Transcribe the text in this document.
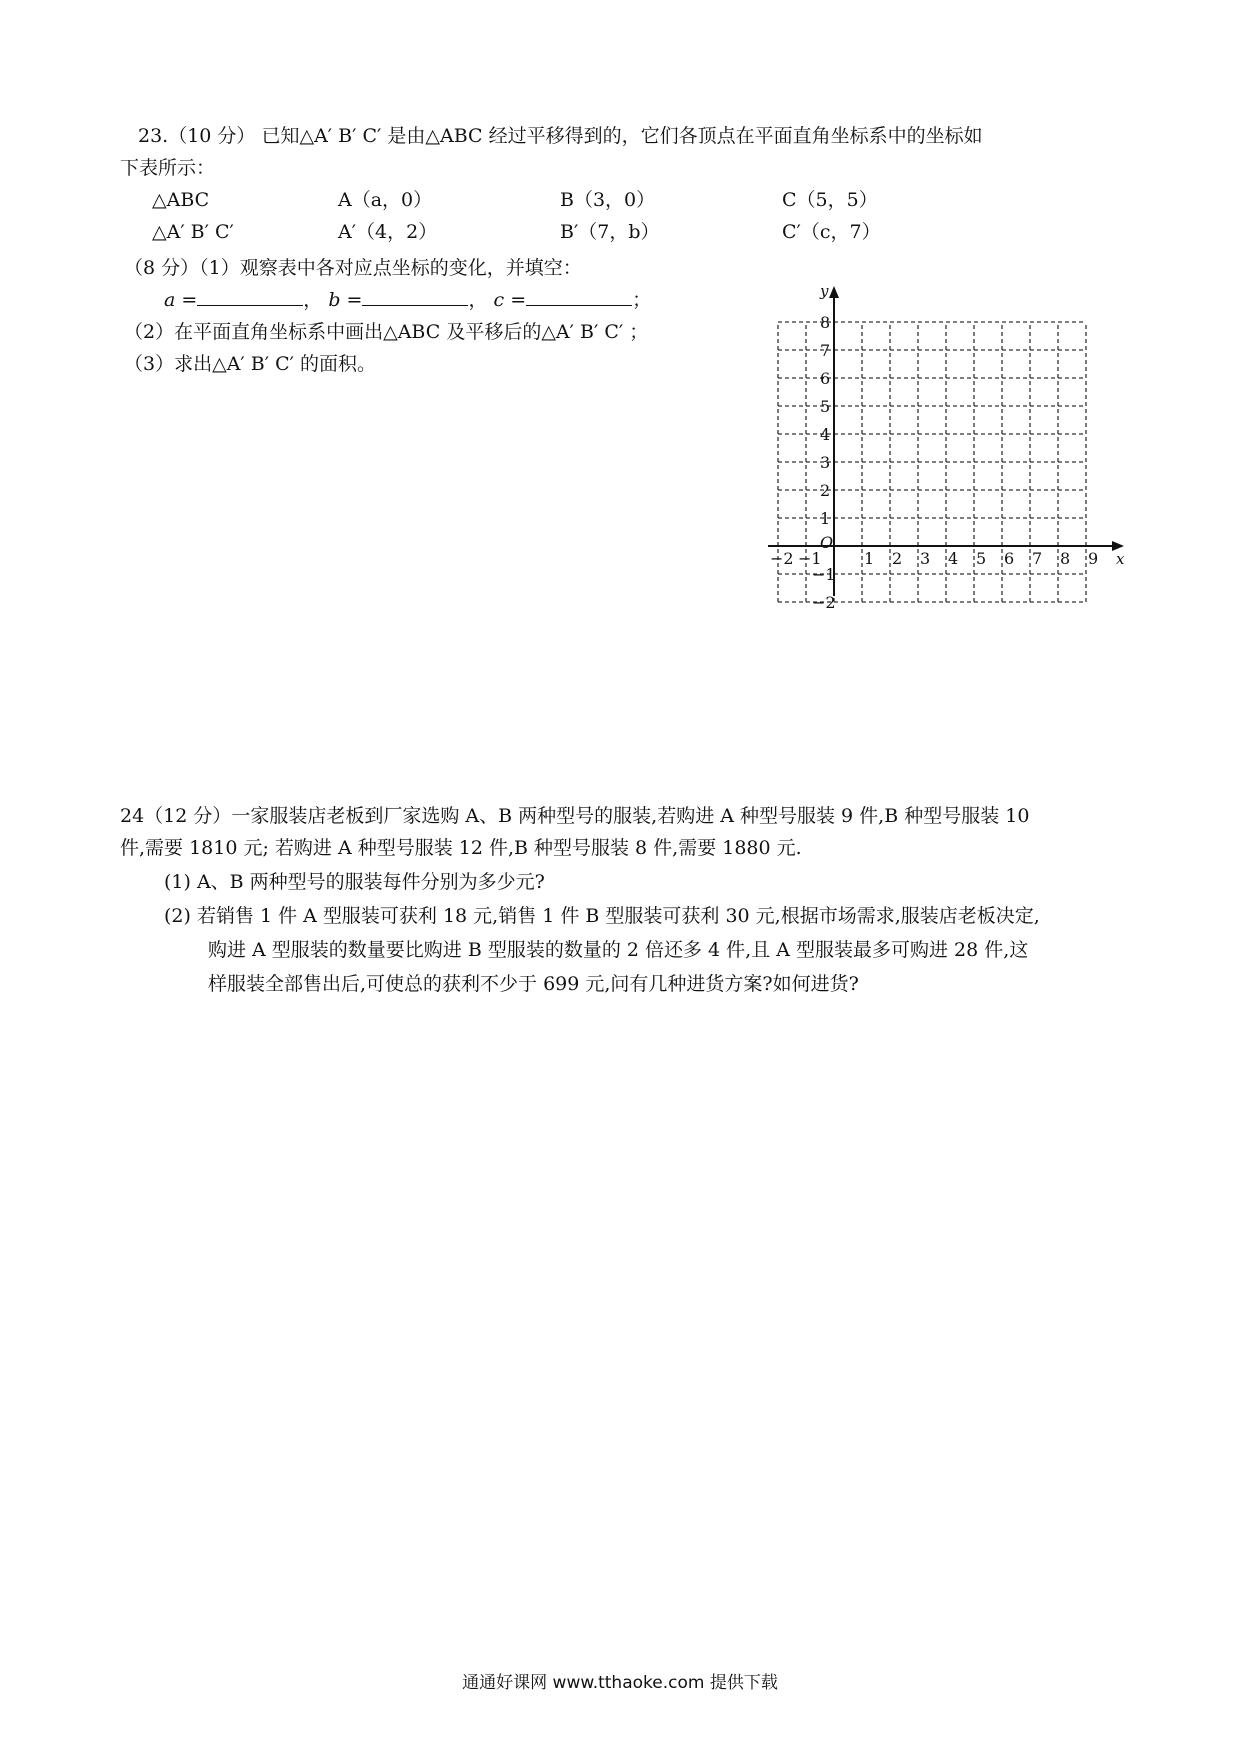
23.（10 分） 已知△A′ B′ C′ 是由△ABC 经过平移得到的，它们各顶点在平面直角坐标系中的坐标如
下表所示：
△ABC	A（a，0）	B（3，0）	C（5，5）
△A′ B′ C′	A′（4，2）	B′（7，b）	C′（c，7）
（8 分）（1）观察表中各对应点坐标的变化，并填空：
a =	， b =	， c =	；
（2）在平面直角坐标系中画出△ABC 及平移后的△A′ B′ C′ ；
（3）求出△A′ B′ C′ 的面积。
−2 −1	1 2 3 4 5 6 7 8 9
8
7
6
5
4
3
2
1
−1
−2
O
x
y
24（12 分）一家服装店老板到厂家选购 A、B 两种型号的服装,若购进 A 种型号服装 9 件,B 种型号服装 10
件,需要 1810 元; 若购进 A 种型号服装 12 件,B 种型号服装 8 件,需要 1880 元.
(1) A、B 两种型号的服装每件分别为多少元?
(2) 若销售 1 件 A 型服装可获利 18 元,销售 1 件 B 型服装可获利 30 元,根据市场需求,服装店老板决定,
购进 A 型服装的数量要比购进 B 型服装的数量的 2 倍还多 4 件,且 A 型服装最多可购进 28 件,这
样服装全部售出后,可使总的获利不少于 699 元,问有几种进货方案?如何进货?
通通好课网 www.tthaoke.com 提供下载
